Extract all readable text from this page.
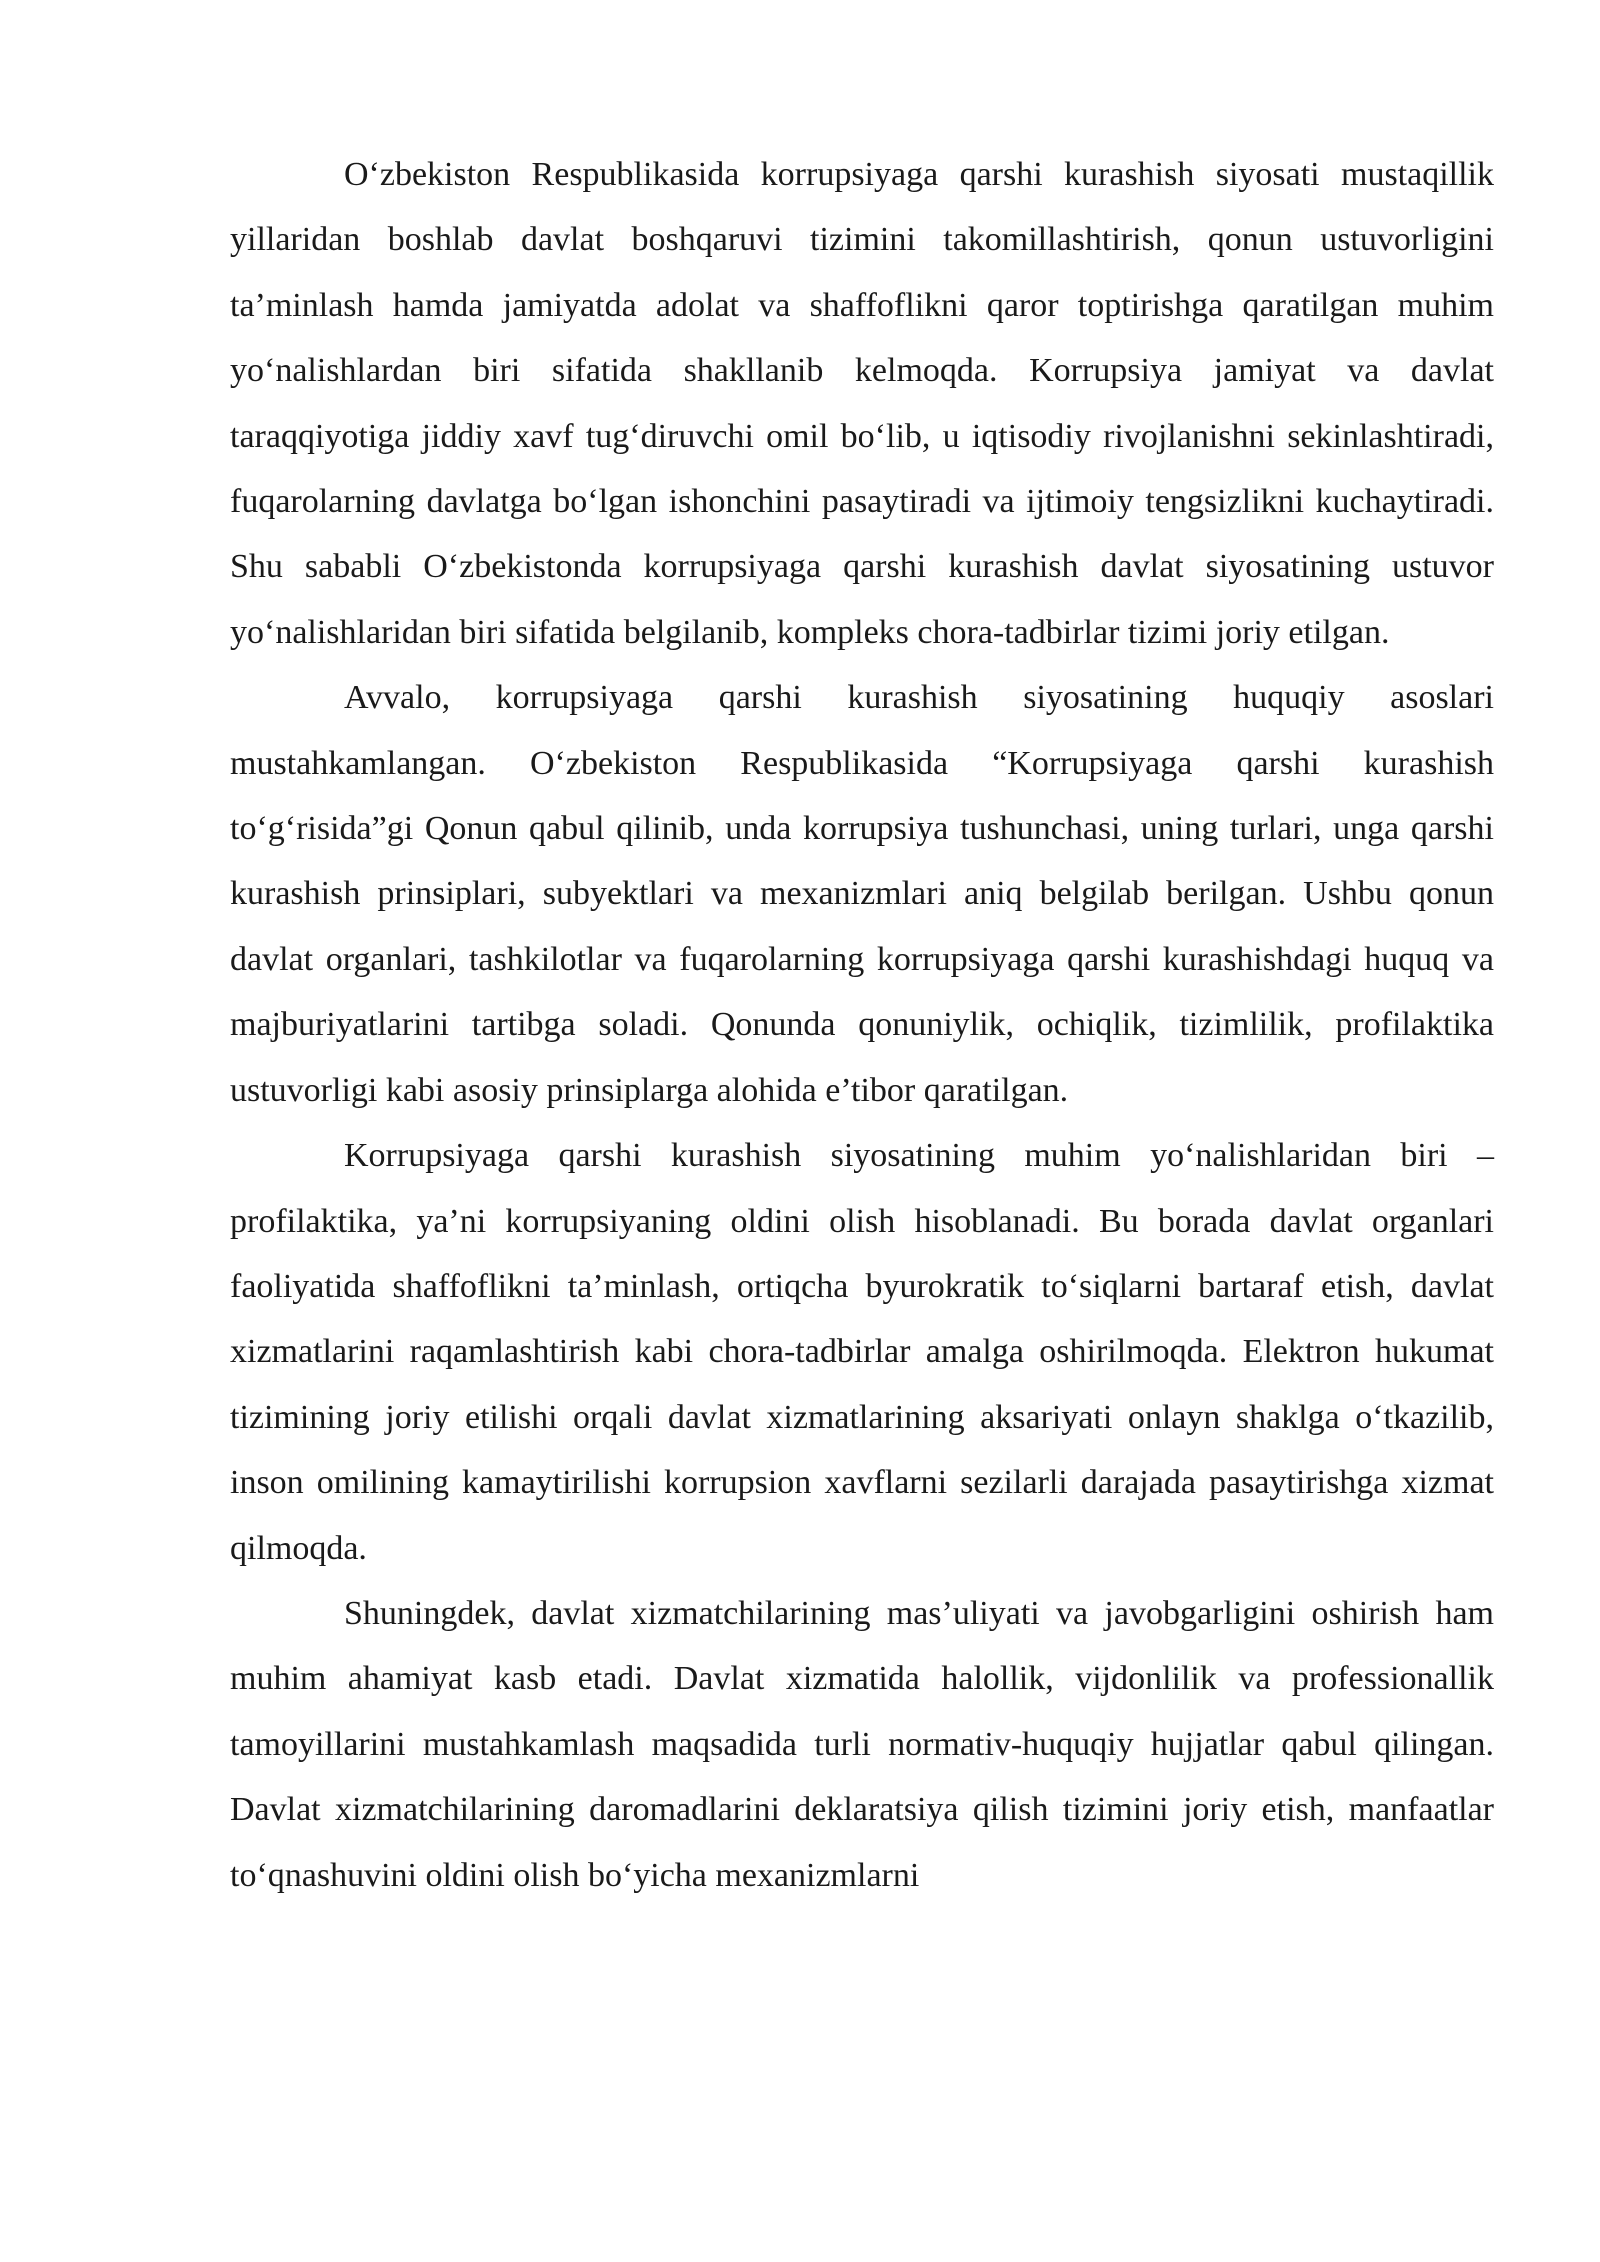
O‘zbekiston Respublikasida korrupsiyaga qarshi kurashish siyosati mustaqillik yillaridan boshlab davlat boshqaruvi tizimini takomillashtirish, qonun ustuvorligini ta’minlash hamda jamiyatda adolat va shaffoflikni qaror toptirishga qaratilgan muhim yo‘nalishlardan biri sifatida shakllanib kelmoqda. Korrupsiya jamiyat va davlat taraqqiyotiga jiddiy xavf tug‘diruvchi omil bo‘lib, u iqtisodiy rivojlanishni sekinlashtiradi, fuqarolarning davlatga bo‘lgan ishonchini pasaytiradi va ijtimoiy tengsizlikni kuchaytiradi. Shu sababli O‘zbekistonda korrupsiyaga qarshi kurashish davlat siyosatining ustuvor yo‘nalishlaridan biri sifatida belgilanib, kompleks chora-tadbirlar tizimi joriy etilgan.

Avvalo, korrupsiyaga qarshi kurashish siyosatining huquqiy asoslari mustahkamlangan. O‘zbekiston Respublikasida “Korrupsiyaga qarshi kurashish to‘g‘risida”gi Qonun qabul qilinib, unda korrupsiya tushunchasi, uning turlari, unga qarshi kurashish prinsiplari, subyektlari va mexanizmlari aniq belgilab berilgan. Ushbu qonun davlat organlari, tashkilotlar va fuqarolarning korrupsiyaga qarshi kurashishdagi huquq va majburiyatlarini tartibga soladi. Qonunda qonuniylik, ochiqlik, tizimlilik, profilaktika ustuvorligi kabi asosiy prinsiplarga alohida e’tibor qaratilgan.

Korrupsiyaga qarshi kurashish siyosatining muhim yo‘nalishlaridan biri – profilaktika, ya’ni korrupsiyaning oldini olish hisoblanadi. Bu borada davlat organlari faoliyatida shaffoflikni ta’minlash, ortiqcha byurokratik to‘siqlarni bartaraf etish, davlat xizmatlarini raqamlashtirish kabi chora-tadbirlar amalga oshirilmoqda. Elektron hukumat tizimining joriy etilishi orqali davlat xizmatlarining aksariyati onlayn shaklga o‘tkazilib, inson omilining kamaytirilishi korrupsion xavflarni sezilarli darajada pasaytirishga xizmat qilmoqda.

Shuningdek, davlat xizmatchilarining mas’uliyati va javobgarligini oshirish ham muhim ahamiyat kasb etadi. Davlat xizmatida halollik, vijdonlilik va professionallik tamoyillarini mustahkamlash maqsadida turli normativ-huquqiy hujjatlar qabul qilingan. Davlat xizmatchilarining daromadlarini deklaratsiya qilish tizimini joriy etish, manfaatlar to‘qnashuvini oldini olish bo‘yicha mexanizmlarni
